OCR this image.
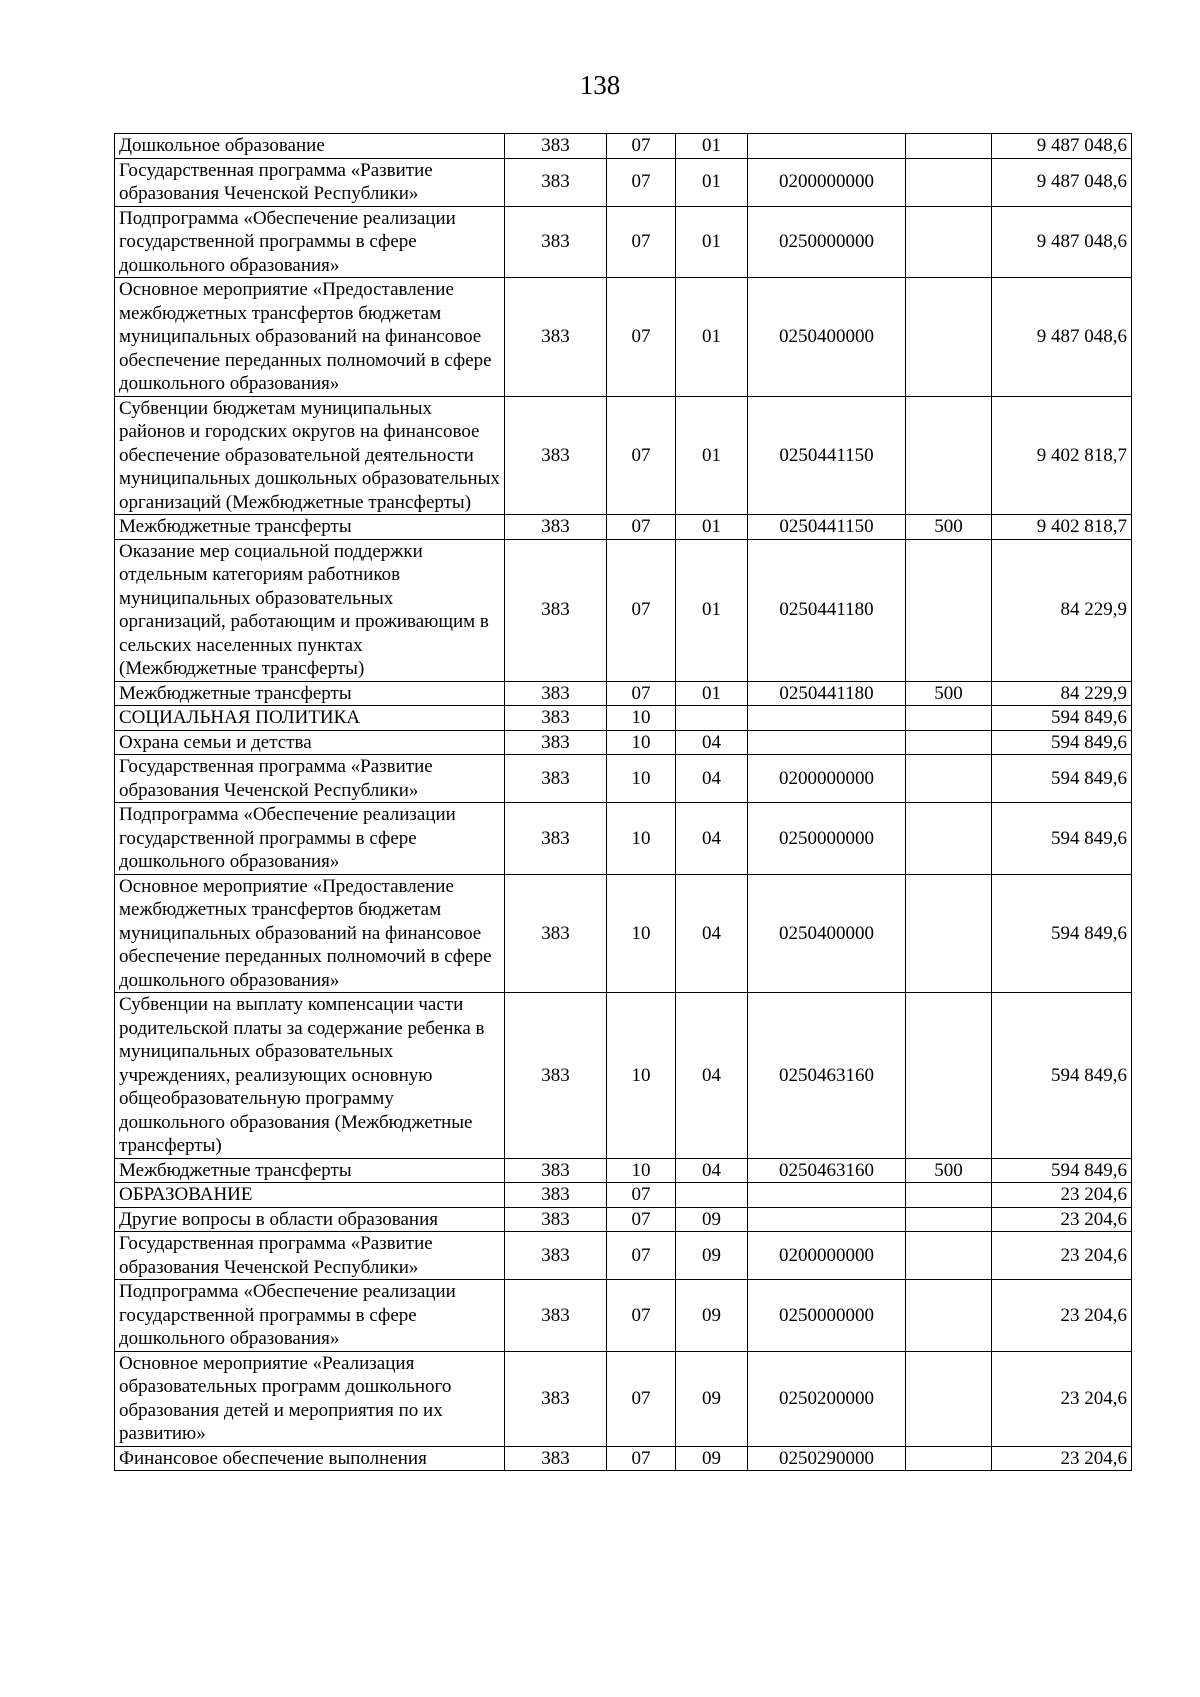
138
Дошкольное образование	383	07	01			9 487 048,6
Государственная программа «Развитие образования Чеченской Республики»	383	07	01	0200000000		9 487 048,6
Подпрограмма «Обеспечение реализации государственной программы в сфере дошкольного образования»	383	07	01	0250000000		9 487 048,6
Основное мероприятие «Предоставление межбюджетных трансфертов бюджетам муниципальных образований на финансовое обеспечение переданных полномочий в сфере дошкольного образования»	383	07	01	0250400000		9 487 048,6
Субвенции бюджетам муниципальных районов и городских округов на финансовое обеспечение образовательной деятельности муниципальных дошкольных образовательных организаций (Межбюджетные трансферты)	383	07	01	0250441150		9 402 818,7
Межбюджетные трансферты	383	07	01	0250441150	500	9 402 818,7
Оказание мер социальной поддержки отдельным категориям работников муниципальных образовательных организаций, работающим и проживающим в сельских населенных пунктах (Межбюджетные трансферты)	383	07	01	0250441180		84 229,9
Межбюджетные трансферты	383	07	01	0250441180	500	84 229,9
СОЦИАЛЬНАЯ ПОЛИТИКА	383	10				594 849,6
Охрана семьи и детства	383	10	04			594 849,6
Государственная программа «Развитие образования Чеченской Республики»	383	10	04	0200000000		594 849,6
Подпрограмма «Обеспечение реализации государственной программы в сфере дошкольного образования»	383	10	04	0250000000		594 849,6
Основное мероприятие «Предоставление межбюджетных трансфертов бюджетам муниципальных образований на финансовое обеспечение переданных полномочий в сфере дошкольного образования»	383	10	04	0250400000		594 849,6
Субвенции на выплату компенсации части родительской платы за содержание ребенка в муниципальных образовательных учреждениях, реализующих основную общеобразовательную программу дошкольного образования (Межбюджетные трансферты)	383	10	04	0250463160		594 849,6
Межбюджетные трансферты	383	10	04	0250463160	500	594 849,6
ОБРАЗОВАНИЕ	383	07				23 204,6
Другие вопросы в области образования	383	07	09			23 204,6
Государственная программа «Развитие образования Чеченской Республики»	383	07	09	0200000000		23 204,6
Подпрограмма «Обеспечение реализации государственной программы в сфере дошкольного образования»	383	07	09	0250000000		23 204,6
Основное мероприятие «Реализация образовательных программ дошкольного образования детей и мероприятия по их развитию»	383	07	09	0250200000		23 204,6
Финансовое обеспечение выполнения	383	07	09	0250290000		23 204,6
